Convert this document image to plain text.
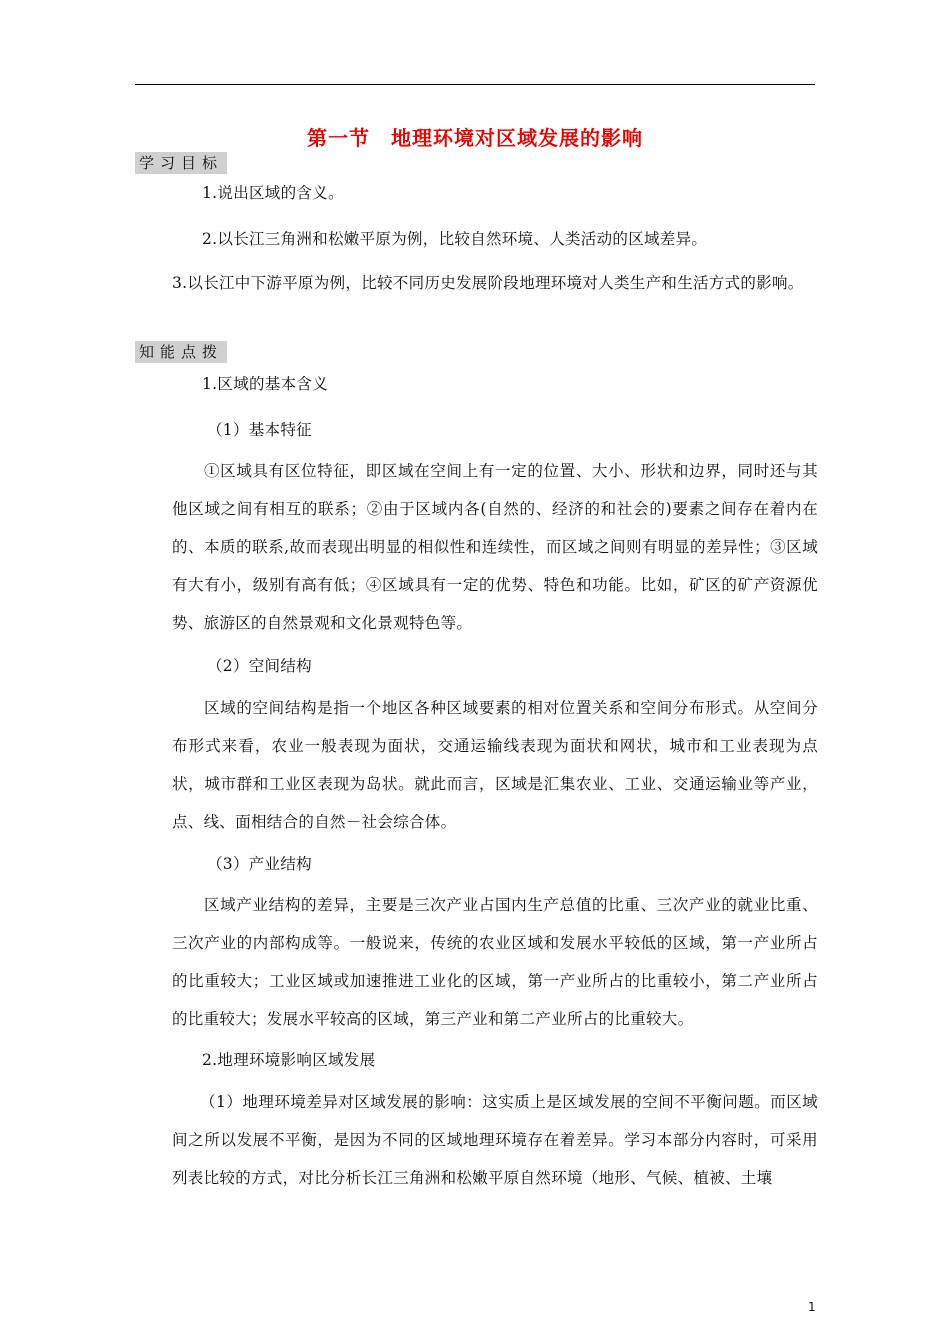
第一节　地理环境对区域发展的影响
学习目标

1.说出区域的含义。

2.以长江三角洲和松嫩平原为例，比较自然环境、人类活动的区域差异。

3.以长江中下游平原为例，比较不同历史发展阶段地理环境对人类生产和生活方式的影响。

知能点拨

1.区域的基本含义

（1）基本特征

①区域具有区位特征，即区域在空间上有一定的位置、大小、形状和边界，同时还与其他区域之间有相互的联系；②由于区域内各(自然的、经济的和社会的)要素之间存在着内在的、本质的联系,故而表现出明显的相似性和连续性，而区域之间则有明显的差异性；③区域有大有小，级别有高有低；④区域具有一定的优势、特色和功能。比如，矿区的矿产资源优势、旅游区的自然景观和文化景观特色等。

（2）空间结构

区域的空间结构是指一个地区各种区域要素的相对位置关系和空间分布形式。从空间分布形式来看，农业一般表现为面状，交通运输线表现为面状和网状，城市和工业表现为点状，城市群和工业区表现为岛状。就此而言，区域是汇集农业、工业、交通运输业等产业，点、线、面相结合的自然－社会综合体。

（3）产业结构

区域产业结构的差异，主要是三次产业占国内生产总值的比重、三次产业的就业比重、三次产业的内部构成等。一般说来，传统的农业区域和发展水平较低的区域，第一产业所占的比重较大；工业区域或加速推进工业化的区域，第一产业所占的比重较小，第二产业所占的比重较大；发展水平较高的区域，第三产业和第二产业所占的比重较大。

2.地理环境影响区域发展

（1）地理环境差异对区域发展的影响：这实质上是区域发展的空间不平衡问题。而区域间之所以发展不平衡，是因为不同的区域地理环境存在着差异。学习本部分内容时，可采用列表比较的方式，对比分析长江三角洲和松嫩平原自然环境（地形、气候、植被、土壤

1
